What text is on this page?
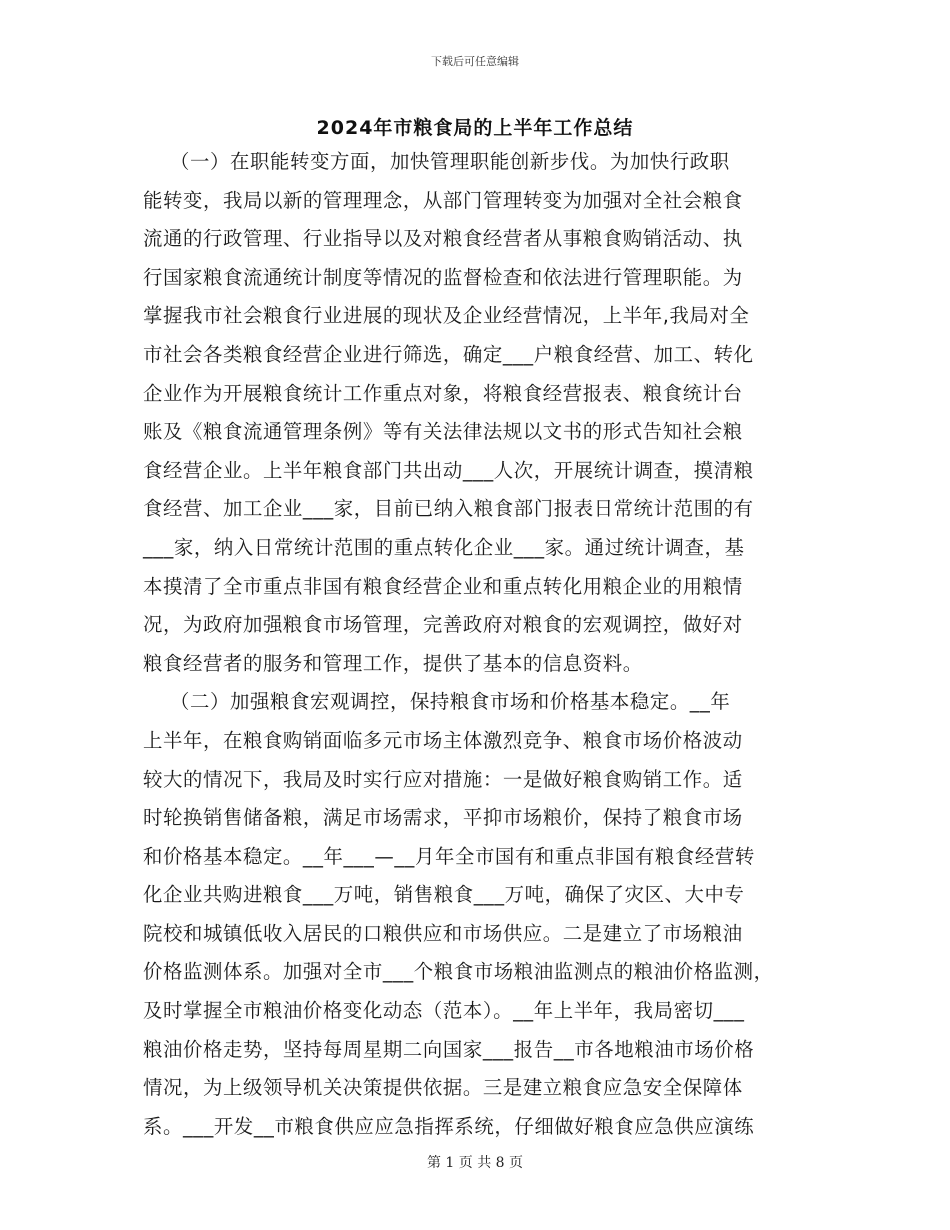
下载后可任意编辑
2024年市粮食局的上半年工作总结
（一）在职能转变方面，加快管理职能创新步伐。为加快行政职
能转变，我局以新的管理理念，从部门管理转变为加强对全社会粮食
流通的行政管理、行业指导以及对粮食经营者从事粮食购销活动、执
行国家粮食流通统计制度等情况的监督检查和依法进行管理职能。为
掌握我市社会粮食行业进展的现状及企业经营情况，上半年,我局对全
市社会各类粮食经营企业进行筛选，确定___户粮食经营、加工、转化
企业作为开展粮食统计工作重点对象，将粮食经营报表、粮食统计台
账及《粮食流通管理条例》等有关法律法规以文书的形式告知社会粮
食经营企业。上半年粮食部门共出动___人次，开展统计调查，摸清粮
食经营、加工企业___家，目前已纳入粮食部门报表日常统计范围的有
___家，纳入日常统计范围的重点转化企业___家。通过统计调查，基
本摸清了全市重点非国有粮食经营企业和重点转化用粮企业的用粮情
况，为政府加强粮食市场管理，完善政府对粮食的宏观调控，做好对
粮食经营者的服务和管理工作，提供了基本的信息资料。
（二）加强粮食宏观调控，保持粮食市场和价格基本稳定。__年
上半年，在粮食购销面临多元市场主体激烈竞争、粮食市场价格波动
较大的情况下，我局及时实行应对措施：一是做好粮食购销工作。适
时轮换销售储备粮，满足市场需求，平抑市场粮价，保持了粮食市场
和价格基本稳定。__年___—__月年全市国有和重点非国有粮食经营转
化企业共购进粮食___万吨，销售粮食___万吨，确保了灾区、大中专
院校和城镇低收入居民的口粮供应和市场供应。二是建立了市场粮油
价格监测体系。加强对全市___个粮食市场粮油监测点的粮油价格监测，
及时掌握全市粮油价格变化动态（范本）。__年上半年，我局密切___
粮油价格走势，坚持每周星期二向国家___报告__市各地粮油市场价格
情况，为上级领导机关决策提供依据。三是建立粮食应急安全保障体
系。___开发__市粮食供应应急指挥系统，仔细做好粮食应急供应演练
第 1 页 共 8 页
